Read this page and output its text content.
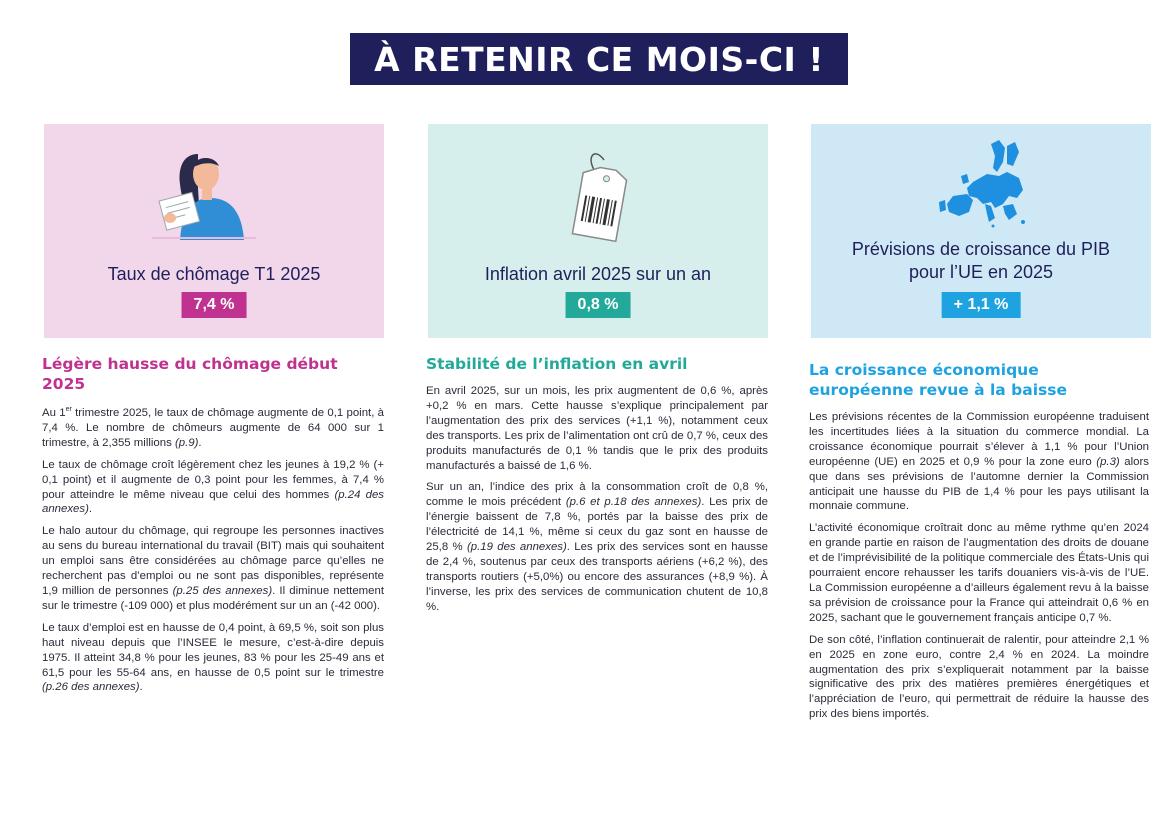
À RETENIR CE MOIS-CI !
Taux de chômage T1 2025
7,4 %
Inflation avril 2025 sur un an
0,8 %
Prévisions de croissance du PIB
pour l’UE en 2025
+ 1,1 %
Légère hausse du chômage début
2025

Au 1er trimestre 2025, le taux de chômage augmente de 0,1 point, à 7,4 %. Le nombre de chômeurs augmente de 64 000 sur 1 trimestre, à 2,355 millions (p.9).

Le taux de chômage croît légèrement chez les jeunes à 19,2 % (+ 0,1 point) et il augmente de 0,3 point pour les femmes, à 7,4 % pour atteindre le même niveau que celui des hommes (p.24 des annexes).

Le halo autour du chômage, qui regroupe les personnes inactives au sens du bureau international du travail (BIT) mais qui souhaitent un emploi sans être considérées au chômage parce qu’elles ne recherchent pas d’emploi ou ne sont pas disponibles, représente 1,9 million de personnes (p.25 des annexes). Il diminue nettement sur le trimestre (-109 000) et plus modérément sur un an (-42 000).

Le taux d’emploi est en hausse de 0,4 point, à 69,5 %, soit son plus haut niveau depuis que l’INSEE le mesure, c’est-à-dire depuis 1975. Il atteint 34,8 % pour les jeunes, 83 % pour les 25-49 ans et 61,5 pour les 55-64 ans, en hausse de 0,5 point sur le trimestre (p.26 des annexes).

Stabilité de l’inflation en avril

En avril 2025, sur un mois, les prix augmentent de 0,6 %, après +0,2 % en mars. Cette hausse s’explique principalement par l’augmentation des prix des services (+1,1 %), notamment ceux des transports. Les prix de l’alimentation ont crû de 0,7 %, ceux des produits manufacturés de 0,1 % tandis que le prix des produits manufacturés a baissé de 1,6 %.

Sur un an, l’indice des prix à la consommation croît de 0,8 %, comme le mois précédent (p.6 et p.18 des annexes). Les prix de l’énergie baissent de 7,8 %, portés par la baisse des prix de l’électricité de 14,1 %, même si ceux du gaz sont en hausse de 25,8 % (p.19 des annexes). Les prix des services sont en hausse de 2,4 %, soutenus par ceux des transports aériens (+6,2 %), des transports routiers (+5,0%) ou encore des assurances (+8,9 %). À l’inverse, les prix des services de communication chutent de 10,8 %.

La croissance économique
européenne revue à la baisse

Les prévisions récentes de la Commission européenne traduisent les incertitudes liées à la situation du commerce mondial. La croissance économique pourrait s’élever à 1,1 % pour l’Union européenne (UE) en 2025 et 0,9 % pour la zone euro (p.3) alors que dans ses prévisions de l’automne dernier la Commission anticipait une hausse du PIB de 1,4 % pour les pays utilisant la monnaie commune.

L’activité économique croîtrait donc au même rythme qu’en 2024 en grande partie en raison de l’augmentation des droits de douane et de l’imprévisibilité de la politique commerciale des États-Unis qui pourraient encore rehausser les tarifs douaniers vis-à-vis de l’UE. La Commission européenne a d’ailleurs également revu à la baisse sa prévision de croissance pour la France qui atteindrait 0,6 % en 2025, sachant que le gouvernement français anticipe 0,7 %.

De son côté, l’inflation continuerait de ralentir, pour atteindre 2,1 % en 2025 en zone euro, contre 2,4 % en 2024. La moindre augmentation des prix s’expliquerait notamment par la baisse significative des prix des matières premières énergétiques et l’appréciation de l’euro, qui permettrait de réduire la hausse des prix des biens importés.
